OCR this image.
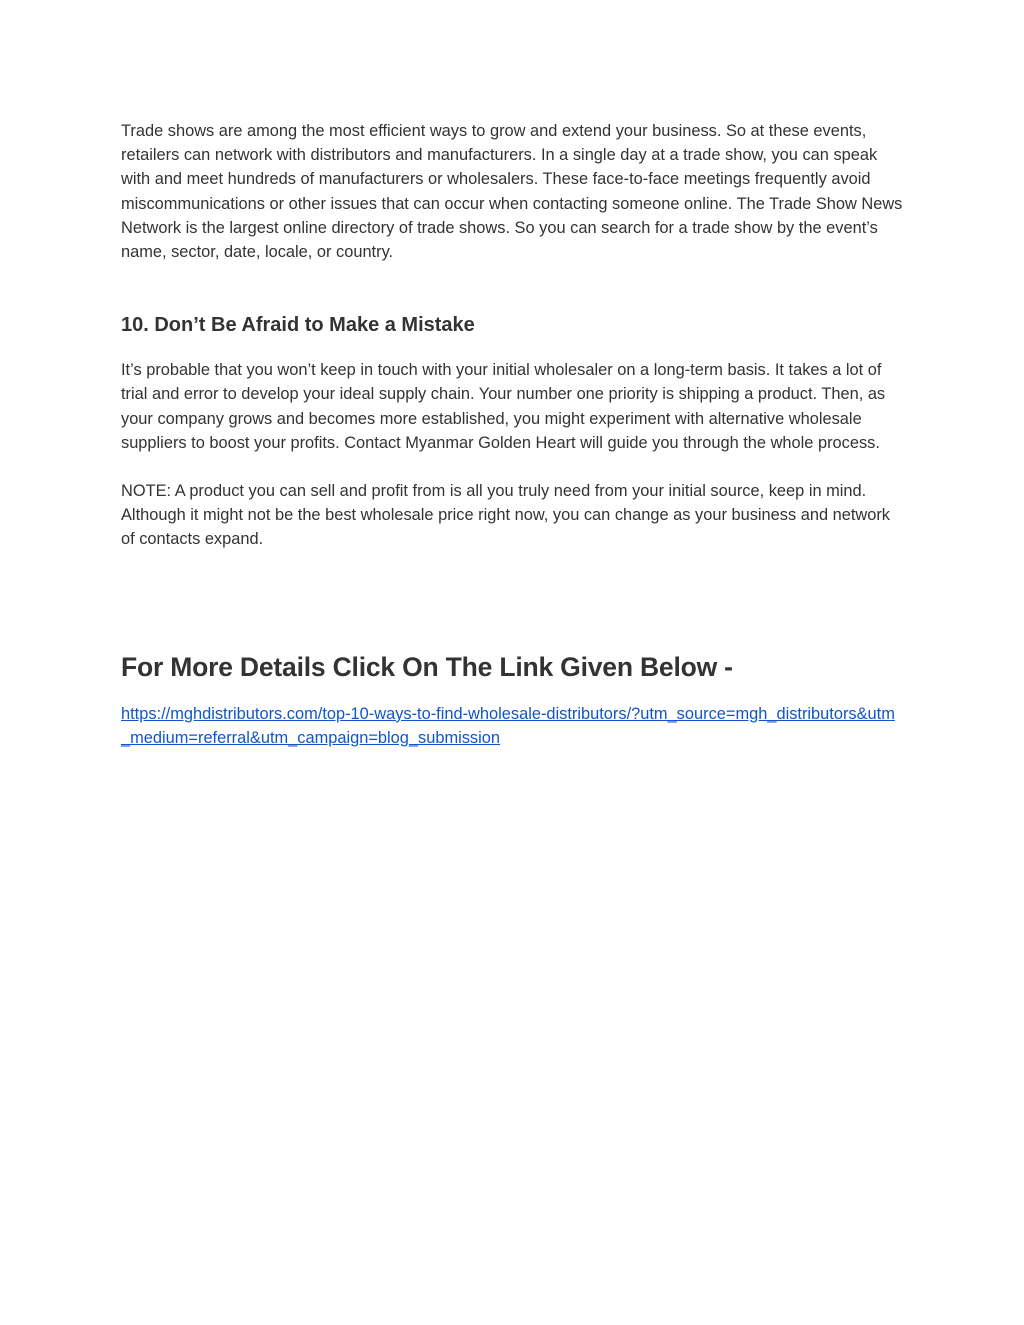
Trade shows are among the most efficient ways to grow and extend your business. So at these events, retailers can network with distributors and manufacturers. In a single day at a trade show, you can speak with and meet hundreds of manufacturers or wholesalers. These face-to-face meetings frequently avoid miscommunications or other issues that can occur when contacting someone online. The Trade Show News Network is the largest online directory of trade shows. So you can search for a trade show by the event’s name, sector, date, locale, or country.

10. Don’t Be Afraid to Make a Mistake

It’s probable that you won’t keep in touch with your initial wholesaler on a long-term basis. It takes a lot of trial and error to develop your ideal supply chain. Your number one priority is shipping a product. Then, as your company grows and becomes more established, you might experiment with alternative wholesale suppliers to boost your profits. Contact Myanmar Golden Heart will guide you through the whole process.

NOTE: A product you can sell and profit from is all you truly need from your initial source, keep in mind. Although it might not be the best wholesale price right now, you can change as your business and network of contacts expand.

For More Details Click On The Link Given Below -
https://mghdistributors.com/top-10-ways-to-find-wholesale-distributors/?utm_source=mgh_distributors&utm_medium=referral&utm_campaign=blog_submission
